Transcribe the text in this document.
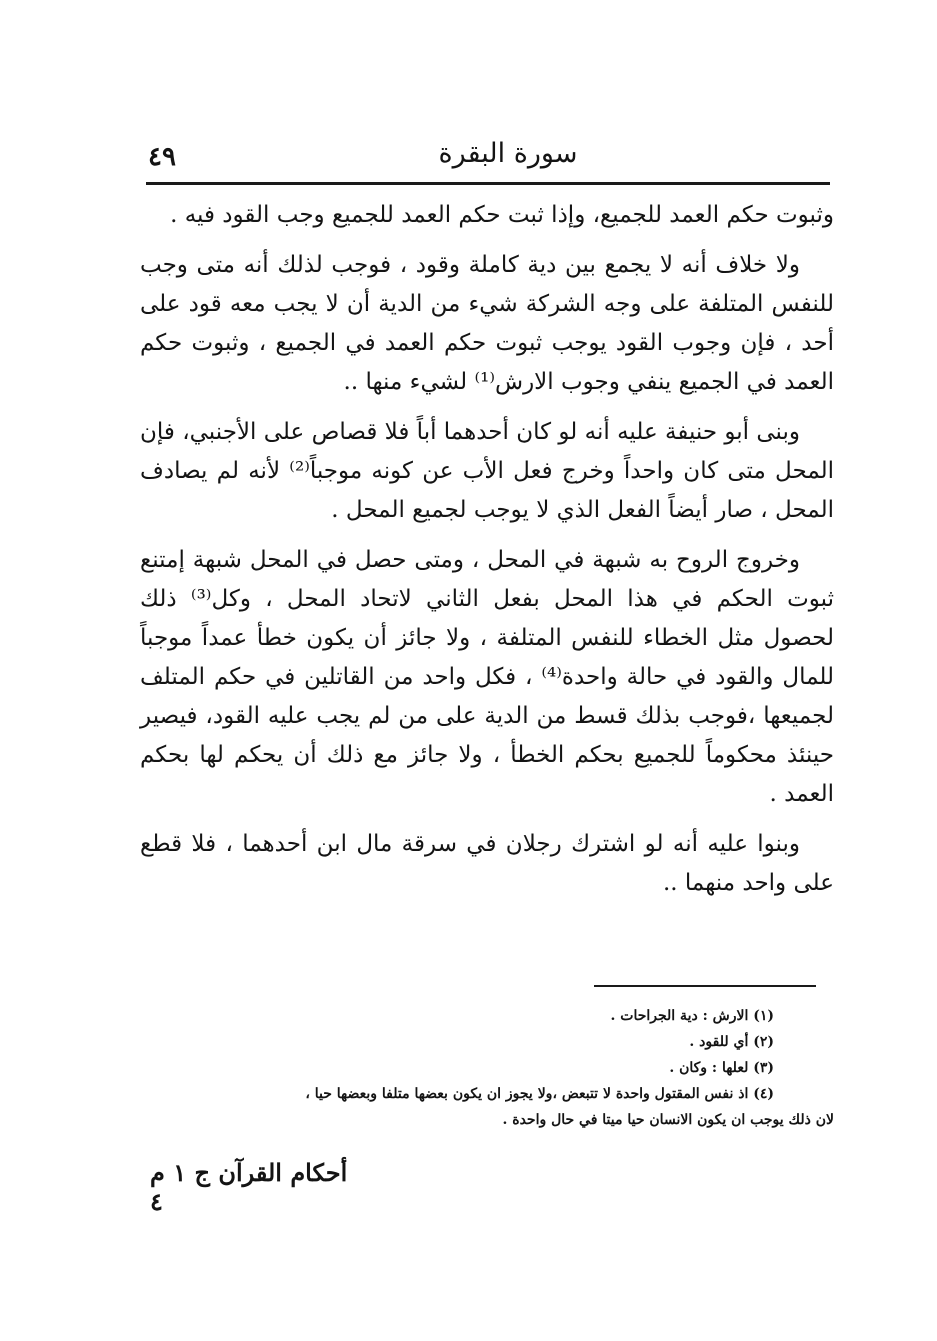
٤٩	سورة البقرة

وثبوت حكم العمد للجميع، وإذا ثبت حكم العمد للجميع وجب القود فيه .

ولا خلاف أنه لا يجمع بين دية كاملة وقود ، فوجب لذلك أنه متى وجب للنفس المتلفة على وجه الشركة شيء من الدية أن لا يجب معه قود على أحد ، فإن وجوب القود يوجب ثبوت حكم العمد في الجميع ، وثبوت حكم العمد في الجميع ينفي وجوب الارش⁽¹⁾ لشيء منها ..

وبنى أبو حنيفة عليه أنه لو كان أحدهما أباً فلا قصاص على الأجنبي، فإن المحل متى كان واحداً وخرج فعل الأب عن كونه موجباً⁽²⁾ لأنه لم يصادف المحل ، صار أيضاً الفعل الذي لا يوجب لجميع المحل .

وخروج الروح به شبهة في المحل ، ومتى حصل في المحل شبهة إمتنع ثبوت الحكم في هذا المحل بفعل الثاني لاتحاد المحل ، وكل⁽³⁾ ذلك لحصول مثل الخطاء للنفس المتلفة ، ولا جائز أن يكون خطأ عمداً موجباً للمال والقود في حالة واحدة⁽⁴⁾ ، فكل واحد من القاتلين في حكم المتلف لجميعها ،فوجب بذلك قسط من الدية على من لم يجب عليه القود، فيصير حينئذ محكوماً للجميع بحكم الخطأ ، ولا جائز مع ذلك أن يحكم لها بحكم العمد .

وبنوا عليه أنه لو اشترك رجلان في سرقة مال ابن أحدهما ، فلا قطع على واحد منهما ..

(١) الارش : دية الجراحات .

(٢) أي للقود .

(٣) لعلها : وكان .

(٤) اذ نفس المقتول واحدة لا تتبعض ،ولا يجوز ان يكون بعضها متلفا وبعضها حيا ،

لان ذلك يوجب ان يكون الانسان حيا ميتا في حال واحدة .

أحكام القرآن ج ١ م ٤
